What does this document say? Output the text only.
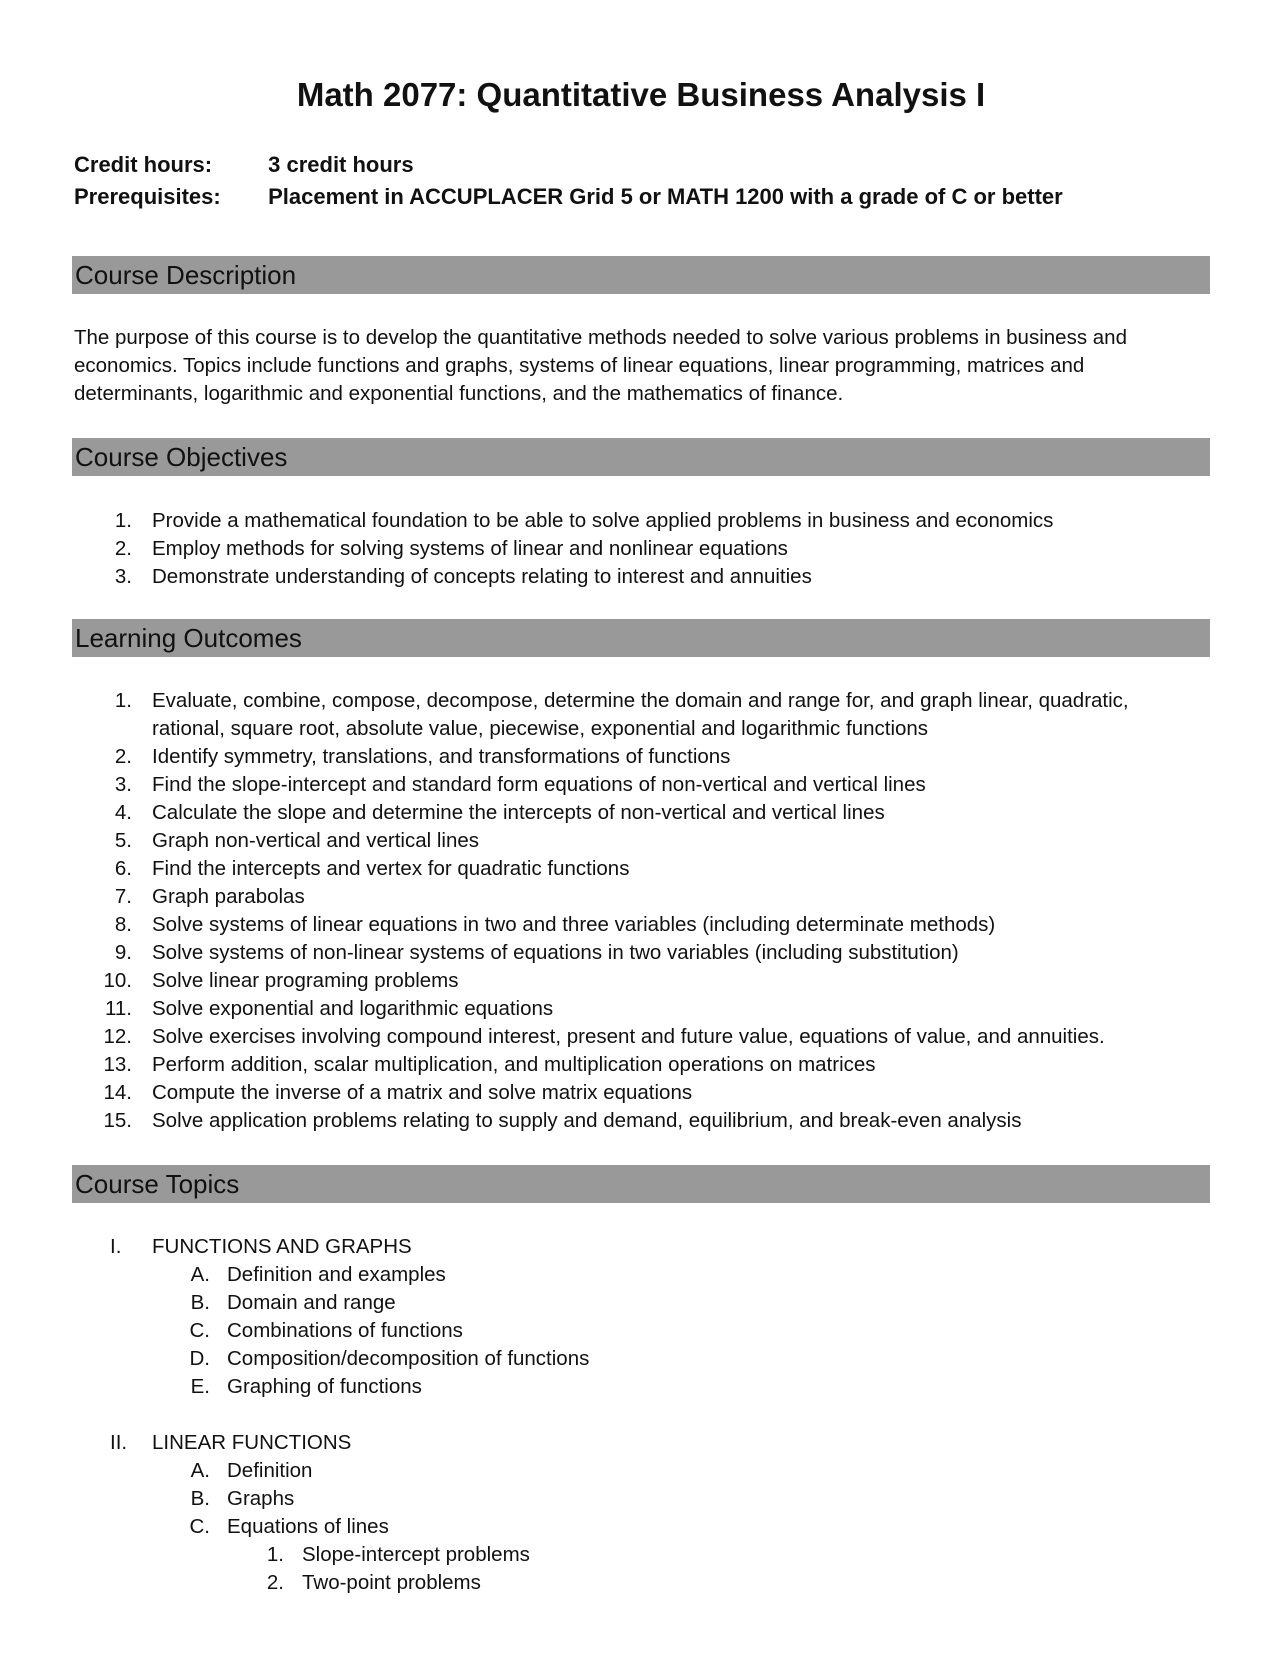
Math 2077: Quantitative Business Analysis I
Credit hours:	3 credit hours
Prerequisites: Placement in ACCUPLACER Grid 5 or MATH 1200 with a grade of C or better
Course Description
The purpose of this course is to develop the quantitative methods needed to solve various problems in business and
economics. Topics include functions and graphs, systems of linear equations, linear programming, matrices and
determinants, logarithmic and exponential functions, and the mathematics of finance.
Course Objectives
1. Provide a mathematical foundation to be able to solve applied problems in business and economics
2. Employ methods for solving systems of linear and nonlinear equations
3. Demonstrate understanding of concepts relating to interest and annuities
Learning Outcomes
1. Evaluate, combine, compose, decompose, determine the domain and range for, and graph linear, quadratic,
rational, square root, absolute value, piecewise, exponential and logarithmic functions
2. Identify symmetry, translations, and transformations of functions
3. Find the slope-intercept and standard form equations of non-vertical and vertical lines
4. Calculate the slope and determine the intercepts of non-vertical and vertical lines
5. Graph non-vertical and vertical lines
6. Find the intercepts and vertex for quadratic functions
7. Graph parabolas
8. Solve systems of linear equations in two and three variables (including determinate methods)
9. Solve systems of non-linear systems of equations in two variables (including substitution)
10. Solve linear programing problems
11. Solve exponential and logarithmic equations
12. Solve exercises involving compound interest, present and future value, equations of value, and annuities.
13. Perform addition, scalar multiplication, and multiplication operations on matrices
14. Compute the inverse of a matrix and solve matrix equations
15. Solve application problems relating to supply and demand, equilibrium, and break-even analysis
Course Topics
I. FUNCTIONS AND GRAPHS
A. Definition and examples
B. Domain and range
C. Combinations of functions
D. Composition/decomposition of functions
E. Graphing of functions
II. LINEAR FUNCTIONS
A. Definition
B. Graphs
C. Equations of lines
1. Slope-intercept problems
2. Two-point problems
